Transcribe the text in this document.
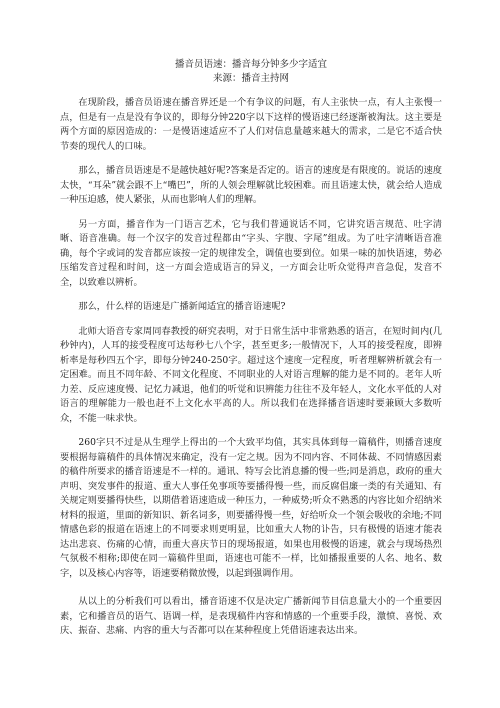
播音员语速：播音每分钟多少字适宜
来源：播音主持网

在现阶段，播音员语速在播音界还是一个有争议的问题，有人主张快一点，有人主张慢一点，但是有一点是没有争议的，即每分钟220字以下这样的慢语速已经逐渐被淘汰。这主要是两个方面的原因造成的：一是慢语速适应不了人们对信息量越来越大的需求，二是它不适合快节奏的现代人的口味。

那么，播音员语速是不是越快越好呢?答案是否定的。语言的速度是有限度的。说话的速度太快，“耳朵”就会跟不上“嘴巴”，所的人领会理解就比较困难。而且语速太快，就会给人造成一种压迫感，使人紧张，从而也影响人们的理解。

另一方面，播音作为一门语言艺术，它与我们普通说话不同，它讲究语言规范、吐字清晰、语音准确。每一个汉字的发音过程都由“字头、字腹、字尾”组成。为了吐字清晰语音准确，每个字或词的发音都应该按一定的规律发全，调值也要到位。如果一味的加快语速，势必压缩发音过程和时间，这一方面会造成语言的异义，一方面会让听众觉得声音急促，发音不全，以致难以辨析。

那么，什么样的语速是广播新闻适宜的播音语速呢?

北师大语音专家周同春教授的研究表明，对于日常生活中非常熟悉的语言，在短时间内(几秒钟内)，人耳的接受程度可达每秒七八个字，甚至更多;一般情况下，人耳的接受程度，即辨析率是每秒四五个字，即每分钟240-250字。超过这个速度一定程度，听者理解辨析就会有一定困难。而且不同年龄、不同文化程度、不同职业的人对语言理解的能力是不同的。老年人听力差、反应速度慢、记忆力减退，他们的听觉和识辨能力往往不及年轻人，文化水平低的人对语言的理解能力一般也赶不上文化水平高的人。所以我们在选择播音语速时要兼顾大多数听众，不能一味求快。

260字只不过是从生理学上得出的一个大致平均值，其实具体到每一篇稿件，则播音速度要根据每篇稿件的具体情况来确定，没有一定之规。因为不同内容、不同体裁、不同情感因素的稿件所要求的播音语速是不一样的。通讯、特写会比消息播的慢一些;同是消息，政府的重大声明、突发事件的报道、重大人事任免事项等要播得慢一些，而反腐倡廉一类的有关通知、有关规定则要播得快些，以期借着语速造成一种压力，一种威势;听众不熟悉的内容比如介绍纳米材料的报道，里面的新知识、新名词多，则要播得慢一些，好给听众一个领会吸收的余地;不同情感色彩的报道在语速上的不同要求则更明显，比如重大人物的讣告，只有极慢的语速才能表达出悲哀、伤痛的心情，而重大喜庆节日的现场报道，如果也用极慢的语速，就会与现场热烈气氛极不相称;即使在同一篇稿件里面，语速也可能不一样，比如播报重要的人名、地名、数字，以及核心内容等，语速要稍微放慢，以起到强调作用。

从以上的分析我们可以看出，播音语速不仅是决定广播新闻节目信息量大小的一个重要因素，它和播音员的语气、语调一样，是表现稿件内容和情感的一个重要手段，激愤、喜悦、欢庆、振奋、悲痛、内容的重大与否都可以在某种程度上凭借语速表达出来。
